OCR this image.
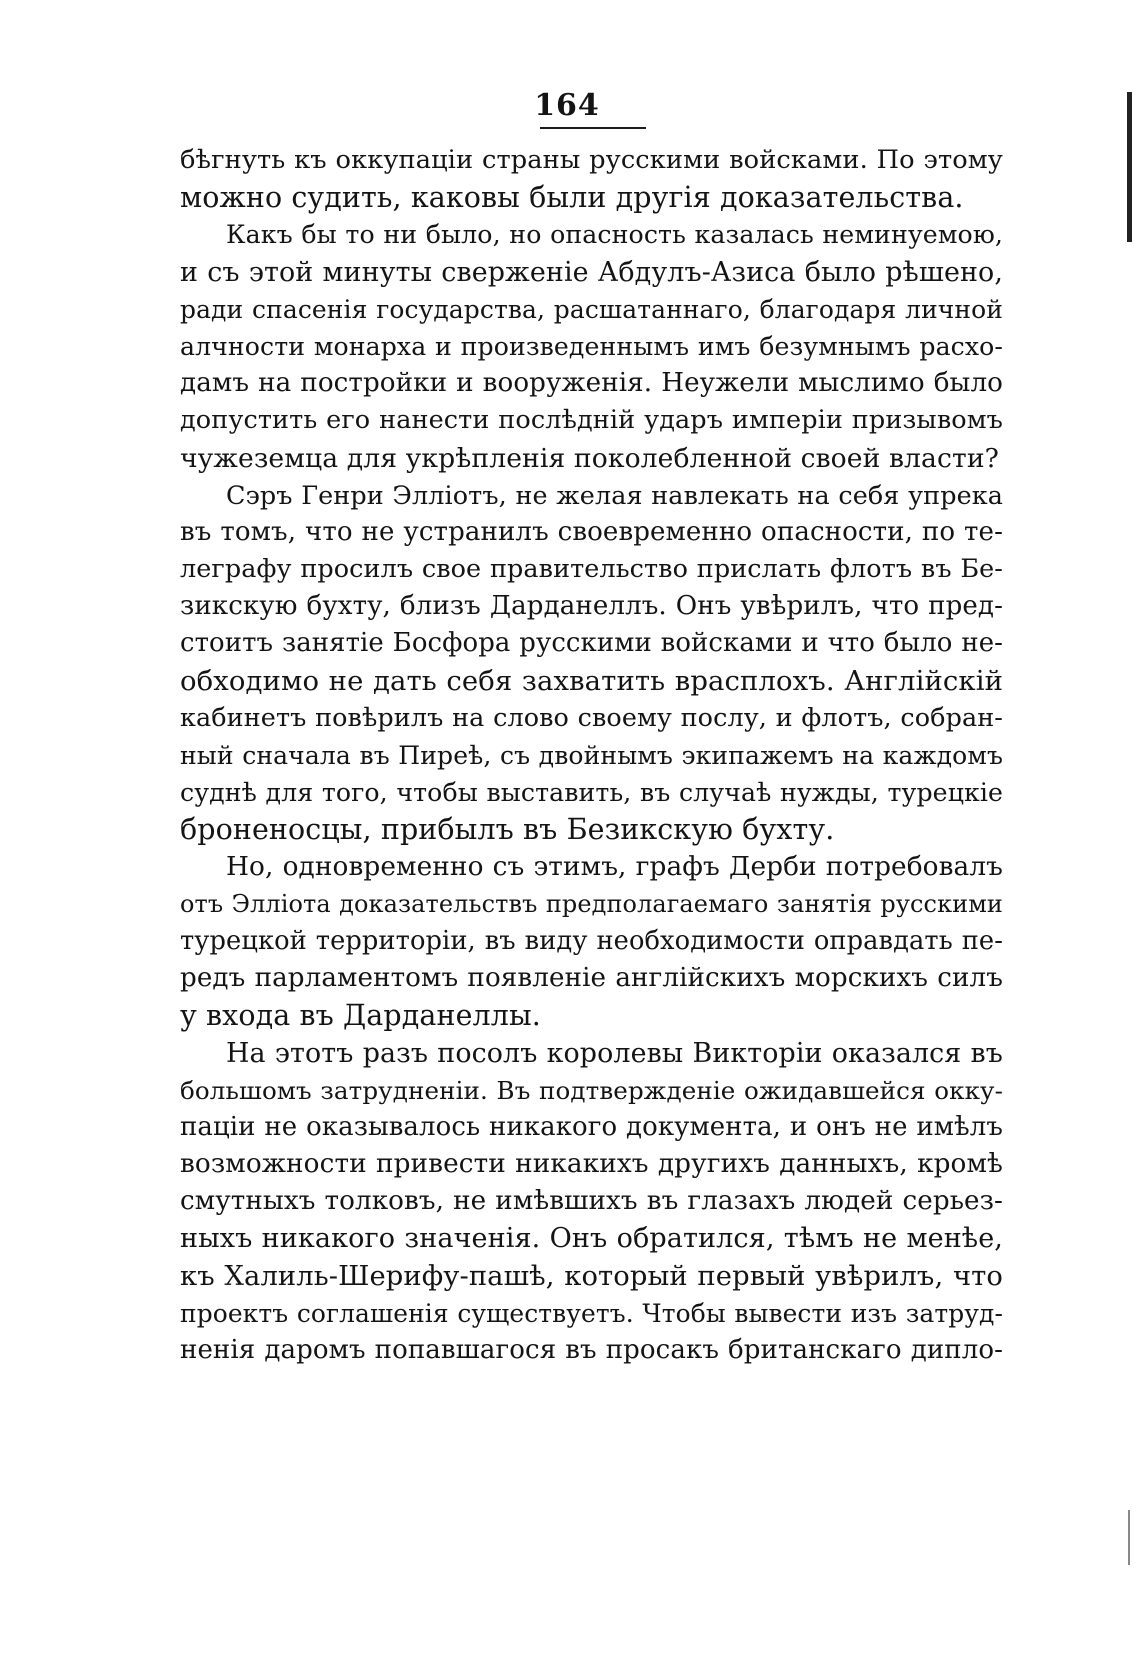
164
бѣгнуть къ оккупаціи страны русскими войсками. По этому
можно судить, каковы были другія доказательства.
Какъ бы то ни было, но опасность казалась неминуемою,
и съ этой минуты сверженіе Абдулъ-Азиса было рѣшено,
ради спасенія государства, расшатаннаго, благодаря личной
алчности монарха и произведеннымъ имъ безумнымъ расхо-
дамъ на постройки и вооруженія. Неужели мыслимо было
допустить его нанести послѣдній ударъ имперіи призывомъ
чужеземца для укрѣпленія поколебленной своей власти?
Сэръ Генри Эллiотъ, не желая навлекать на себя упрека
въ томъ, что не устранилъ своевременно опасности, по те-
леграфу просилъ свое правительство прислать флотъ въ Бе-
зикскую бухту, близъ Дарданеллъ. Онъ увѣрилъ, что пред-
стоитъ занятіе Босфора русскими войсками и что было не-
обходимо не дать себя захватить врасплохъ. Англійскій
кабинетъ повѣрилъ на слово своему послу, и флотъ, собран-
ный сначала въ Пиреѣ, съ двойнымъ экипажемъ на каждомъ
суднѣ для того, чтобы выставить, въ случаѣ нужды, турецкіе
броненосцы, прибылъ въ Безикскую бухту.
Но, одновременно съ этимъ, графъ Дерби потребовалъ
отъ Эллiота доказательствъ предполагаемаго занятія русскими
турецкой территоріи, въ виду необходимости оправдать пе-
редъ парламентомъ появленіе англійскихъ морскихъ силъ
у входа въ Дарданеллы.
На этотъ разъ посолъ королевы Викторіи оказался въ
большомъ затрудненіи. Въ подтвержденіе ожидавшейся окку-
паціи не оказывалось никакого документа, и онъ не имѣлъ
возможности привести никакихъ другихъ данныхъ, кромѣ
смутныхъ толковъ, не имѣвшихъ въ глазахъ людей серьез-
ныхъ никакого значенія. Онъ обратился, тѣмъ не менѣе,
къ Халиль-Шерифу-пашѣ, который первый увѣрилъ, что
проектъ соглашенія существуетъ. Чтобы вывести изъ затруд-
ненія даромъ попавшагося въ просакъ британскаго дипло-
